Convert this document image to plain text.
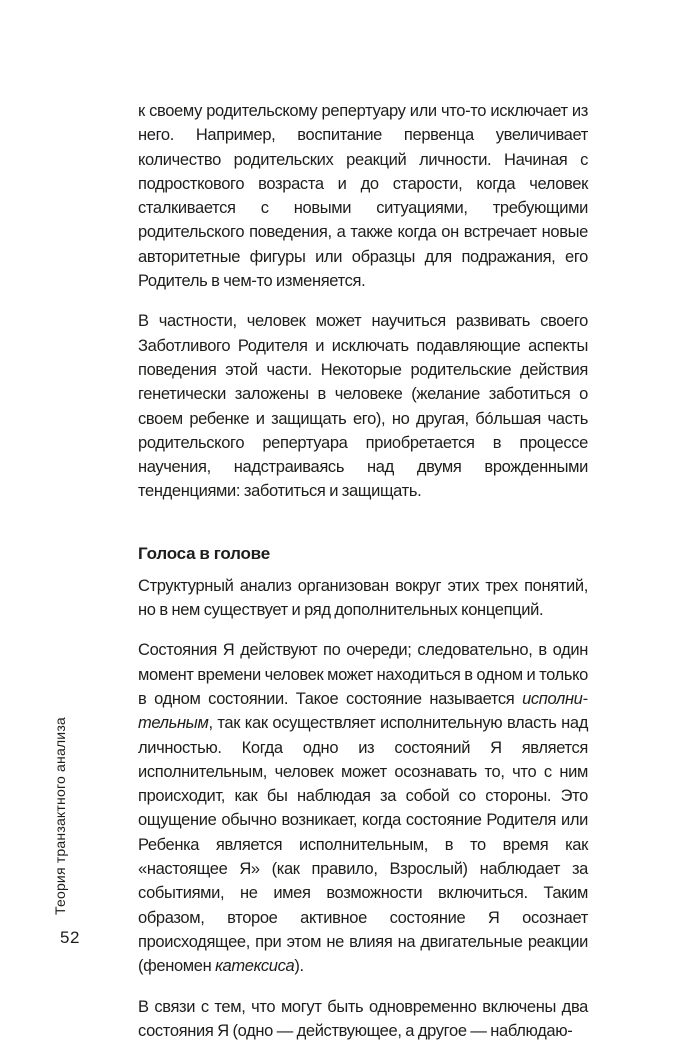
к своему родительскому репертуару или что-то исключает из него. Например, воспитание первенца увеличивает количество родительских реакций личности. Начиная с подросткового возраста и до старости, когда человек сталкивается с новыми ситуациями, требующими родительского поведения, а также когда он встречает новые авторитетные фигуры или образцы для подражания, его Родитель в чем-то изменяется.

В частности, человек может научиться развивать своего Заботливого Родителя и исключать подавляющие аспекты поведения этой части. Некоторые родительские действия генетически заложены в человеке (желание заботиться о своем ребенке и защищать его), но другая, бóльшая часть родительского репертуара приобретается в процессе научения, надстраиваясь над двумя врожденными тенденциями: заботиться и защищать.

Голоса в голове

Структурный анализ организован вокруг этих трех понятий, но в нем существует и ряд дополнительных концепций.

Состояния Я действуют по очереди; следовательно, в один момент времени человек может находиться в одном и только в одном состоянии. Такое состояние называется исполнительным, так как осуществляет исполнительную власть над личностью. Когда одно из состояний Я является исполнительным, человек может осознавать то, что с ним происходит, как бы наблюдая за собой со стороны. Это ощущение обычно возникает, когда состояние Родителя или Ребенка является исполнительным, в то время как «настоящее Я» (как правило, Взрослый) наблюдает за событиями, не имея возможности включиться. Таким образом, второе активное состояние Я осознает происходящее, при этом не влияя на двигательные реакции (феномен катексиса).

В связи с тем, что могут быть одновременно включены два состояния Я (одно — действующее, а другое — наблюдаю-

Теория транзактного анализа
52
